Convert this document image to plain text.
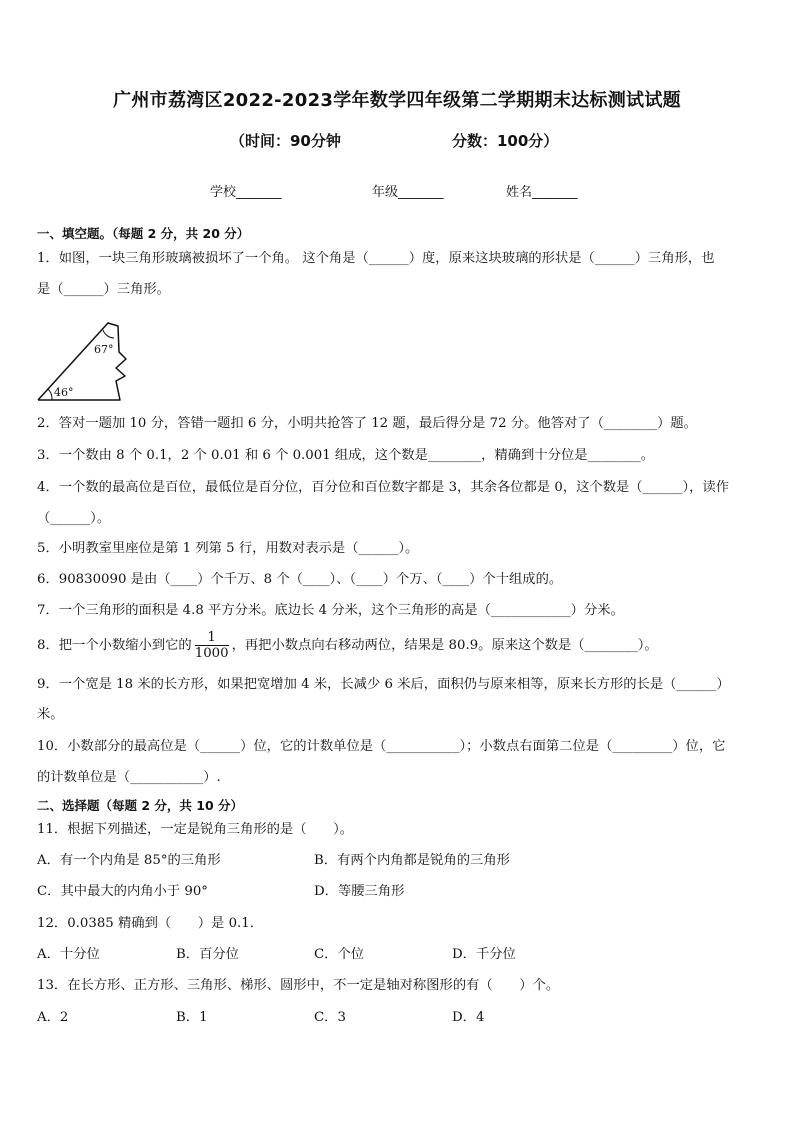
广州市荔湾区2022-2023学年数学四年级第二学期期末达标测试试题
（时间：90分钟	分数：100分）
学校_______	年级_______	姓名_______
一、填空题。（每题 2 分，共 20 分）
1．如图，一块三角形玻璃被损坏了一个角。 这个角是（______）度，原来这块玻璃的形状是（______）三角形，也
是（______）三角形。
67°
46°
2．答对一题加 10 分，答错一题扣 6 分，小明共抢答了 12 题，最后得分是 72 分。他答对了（________）题。
3．一个数由 8 个 0.1，2 个 0.01 和 6 个 0.001 组成，这个数是________，精确到十分位是________。
4．一个数的最高位是百位，最低位是百分位，百分位和百位数字都是 3，其余各位都是 0，这个数是（______），读作
（______）。
5．小明教室里座位是第 1 列第 5 行，用数对表示是（______）。
6．90830090 是由（____）个千万、8 个（____）、（____）个万、（____）个十组成的。
7．一个三角形的面积是 4.8 平方分米。底边长 4 分米，这个三角形的高是（____________）分米。
8．把一个小数缩小到它的 $\frac{1}{1000}$ ，再把小数点向右移动两位，结果是 80.9。原来这个数是（________）。
9．一个宽是 18 米的长方形，如果把宽增加 4 米，长减少 6 米后，面积仍与原来相等，原来长方形的长是（______）
米。
10．小数部分的最高位是（______）位，它的计数单位是（___________）；小数点右面第二位是（_________）位，它
的计数单位是（___________）.
二、选择题（每题 2 分，共 10 分）
11．根据下列描述，一定是锐角三角形的是（　　）。
A．有一个内角是 85°的三角形	B．有两个内角都是锐角的三角形
C．其中最大的内角小于 90°	D．等腰三角形
12．0.0385 精确到（　　）是 0.1．
A．十分位	B．百分位	C．个位	D．千分位
13．在长方形、正方形、三角形、梯形、圆形中，不一定是轴对称图形的有（　　）个。
A．2	B．1	C．3	D．4
